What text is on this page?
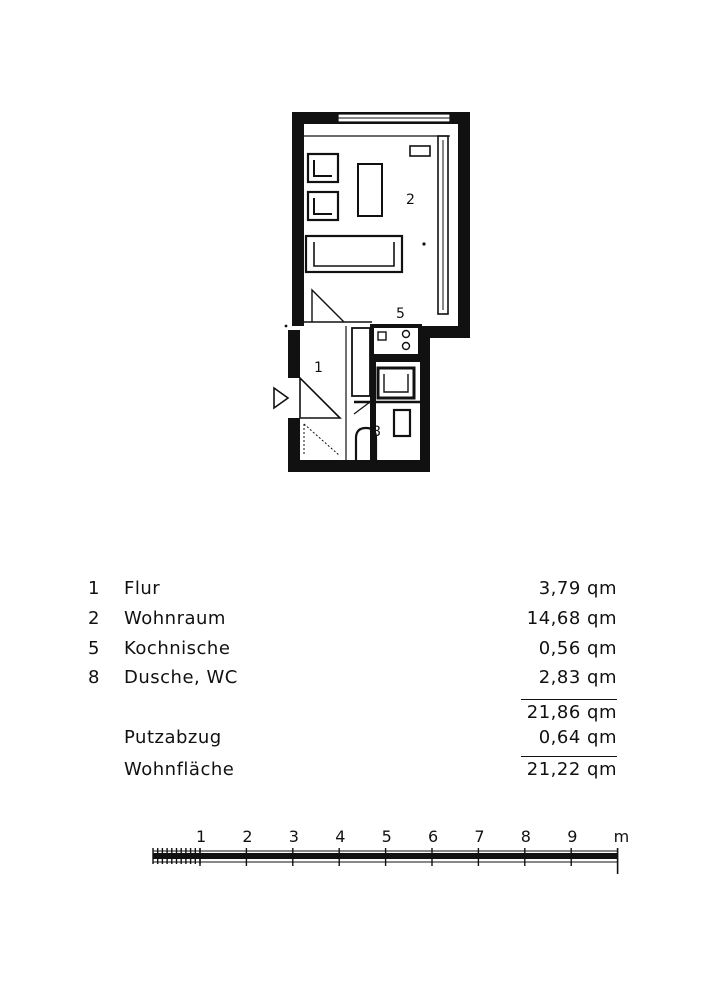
2
5
1
8
1	Flur	3,79 qm
2	Wohnraum	14,68 qm
5	Kochnische	0,56 qm
8	Dusche, WC	2,83 qm
21,86 qm
Putzabzug	0,64 qm
Wohnfläche	21,22 qm
1 2 3 4 5 6 7 8 9 m
